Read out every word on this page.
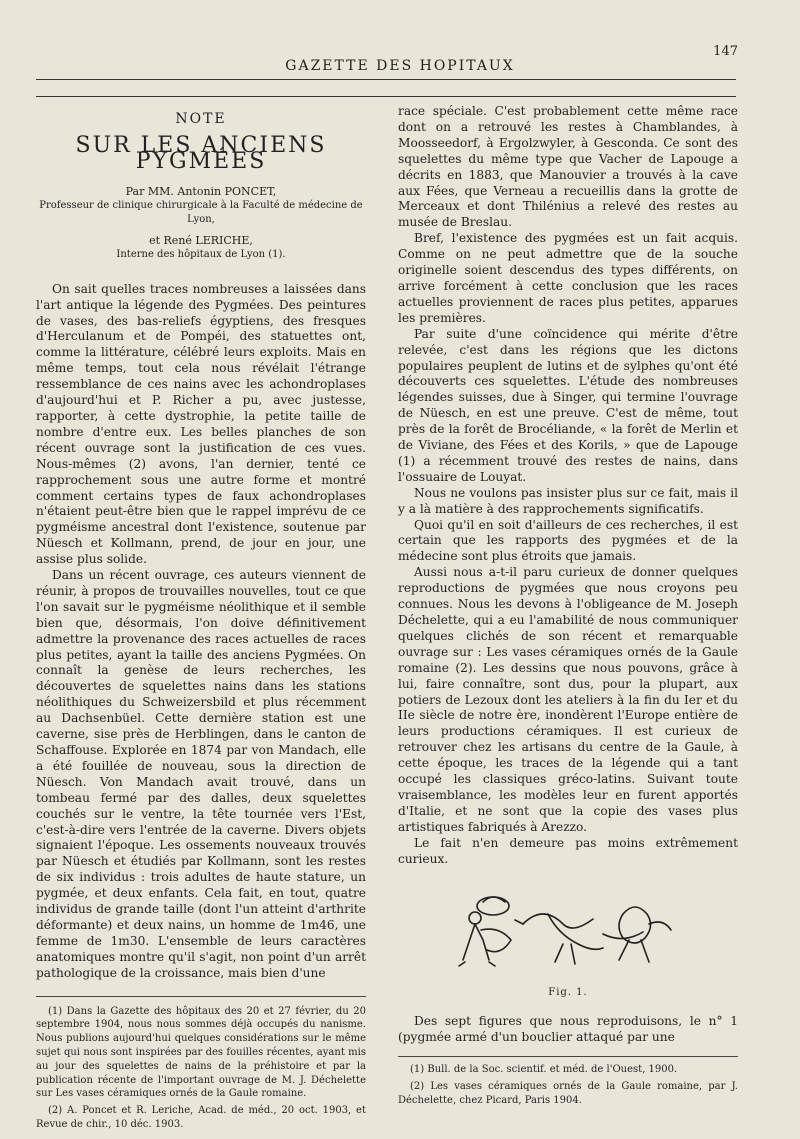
147
GAZETTE DES HOPITAUX
NOTE
SUR LES ANCIENS PYGMÉES

Par MM. Antonin PONCET,

Professeur de clinique chirurgicale à la Faculté de médecine de Lyon,

et René LERICHE,

Interne des hôpitaux de Lyon (1).

On sait quelles traces nombreuses a laissées dans l'art antique la légende des Pygmées. Des peintures de vases, des bas-reliefs égyptiens, des fresques d'Herculanum et de Pompéi, des statuettes ont, comme la littérature, célébré leurs exploits. Mais en même temps, tout cela nous révélait l'étrange ressemblance de ces nains avec les achondroplases d'aujourd'hui et P. Richer a pu, avec justesse, rapporter, à cette dystrophie, la petite taille de nombre d'entre eux. Les belles planches de son récent ouvrage sont la justification de ces vues. Nous-mêmes (2) avons, l'an dernier, tenté ce rapprochement sous une autre forme et montré comment certains types de faux achondroplases n'étaient peut-être bien que le rappel imprévu de ce pygméisme ancestral dont l'existence, soutenue par Nüesch et Kollmann, prend, de jour en jour, une assise plus solide.

Dans un récent ouvrage, ces auteurs viennent de réunir, à propos de trouvailles nouvelles, tout ce que l'on savait sur le pygméisme néolithique et il semble bien que, désormais, l'on doive définitivement admettre la provenance des races actuelles de races plus petites, ayant la taille des anciens Pygmées. On connaît la genèse de leurs recherches, les découvertes de squelettes nains dans les stations néolithiques du Schweizersbild et plus récemment au Dachsenbüel. Cette dernière station est une caverne, sise près de Herblingen, dans le canton de Schaffouse. Explorée en 1874 par von Mandach, elle a été fouillée de nouveau, sous la direction de Nüesch. Von Mandach avait trouvé, dans un tombeau fermé par des dalles, deux squelettes couchés sur le ventre, la tête tournée vers l'Est, c'est-à-dire vers l'entrée de la caverne. Divers objets signaient l'époque. Les ossements nouveaux trouvés par Nüesch et étudiés par Kollmann, sont les restes de six individus : trois adultes de haute stature, un pygmée, et deux enfants. Cela fait, en tout, quatre individus de grande taille (dont l'un atteint d'arthrite déformante) et deux nains, un homme de 1m46, une femme de 1m30. L'ensemble de leurs caractères anatomiques montre qu'il s'agit, non point d'un arrêt pathologique de la croissance, mais bien d'une

(1) Dans la Gazette des hôpitaux des 20 et 27 février, du 20 septembre 1904, nous nous sommes déjà occupés du nanisme. Nous publions aujourd'hui quelques considérations sur le même sujet qui nous sont inspirées par des fouilles récentes, ayant mis au jour des squelettes de nains de la préhistoire et par la publication récente de l'important ouvrage de M. J. Déchelette sur Les vases céramiques ornés de la Gaule romaine.

(2) A. Poncet et R. Leriche, Acad. de méd., 20 oct. 1903, et Revue de chir., 10 déc. 1903.

race spéciale. C'est probablement cette même race dont on a retrouvé les restes à Chamblandes, à Moosseedorf, à Ergolzwyler, à Gesconda. Ce sont des squelettes du même type que Vacher de Lapouge a décrits en 1883, que Manouvier a trouvés à la cave aux Fées, que Verneau a recueillis dans la grotte de Merceaux et dont Thilénius a relevé des restes au musée de Breslau.

Bref, l'existence des pygmées est un fait acquis. Comme on ne peut admettre que de la souche originelle soient descendus des types différents, on arrive forcément à cette conclusion que les races actuelles proviennent de races plus petites, apparues les premières.

Par suite d'une coïncidence qui mérite d'être relevée, c'est dans les régions que les dictons populaires peuplent de lutins et de sylphes qu'ont été découverts ces squelettes. L'étude des nombreuses légendes suisses, due à Singer, qui termine l'ouvrage de Nüesch, en est une preuve. C'est de même, tout près de la forêt de Brocéliande, « la forêt de Merlin et de Viviane, des Fées et des Korils, » que de Lapouge (1) a récemment trouvé des restes de nains, dans l'ossuaire de Louyat.

Nous ne voulons pas insister plus sur ce fait, mais il y a là matière à des rapprochements significatifs.

Quoi qu'il en soit d'ailleurs de ces recherches, il est certain que les rapports des pygmées et de la médecine sont plus étroits que jamais.

Aussi nous a-t-il paru curieux de donner quelques reproductions de pygmées que nous croyons peu connues. Nous les devons à l'obligeance de M. Joseph Déchelette, qui a eu l'amabilité de nous communiquer quelques clichés de son récent et remarquable ouvrage sur : Les vases céramiques ornés de la Gaule romaine (2). Les dessins que nous pouvons, grâce à lui, faire connaître, sont dus, pour la plupart, aux potiers de Lezoux dont les ateliers à la fin du Ier et du IIe siècle de notre ère, inondèrent l'Europe entière de leurs productions céramiques. Il est curieux de retrouver chez les artisans du centre de la Gaule, à cette époque, les traces de la légende qui a tant occupé les classiques gréco-latins. Suivant toute vraisemblance, les modèles leur en furent apportés d'Italie, et ne sont que la copie des vases plus artistiques fabriqués à Arezzo.

Le fait n'en demeure pas moins extrêmement curieux.

Fig. 1.

Des sept figures que nous reproduisons, le n° 1 (pygmée armé d'un bouclier attaqué par une

(1) Bull. de la Soc. scientif. et méd. de l'Ouest, 1900.

(2) Les vases céramiques ornés de la Gaule romaine, par J. Déchelette, chez Picard, Paris 1904.
